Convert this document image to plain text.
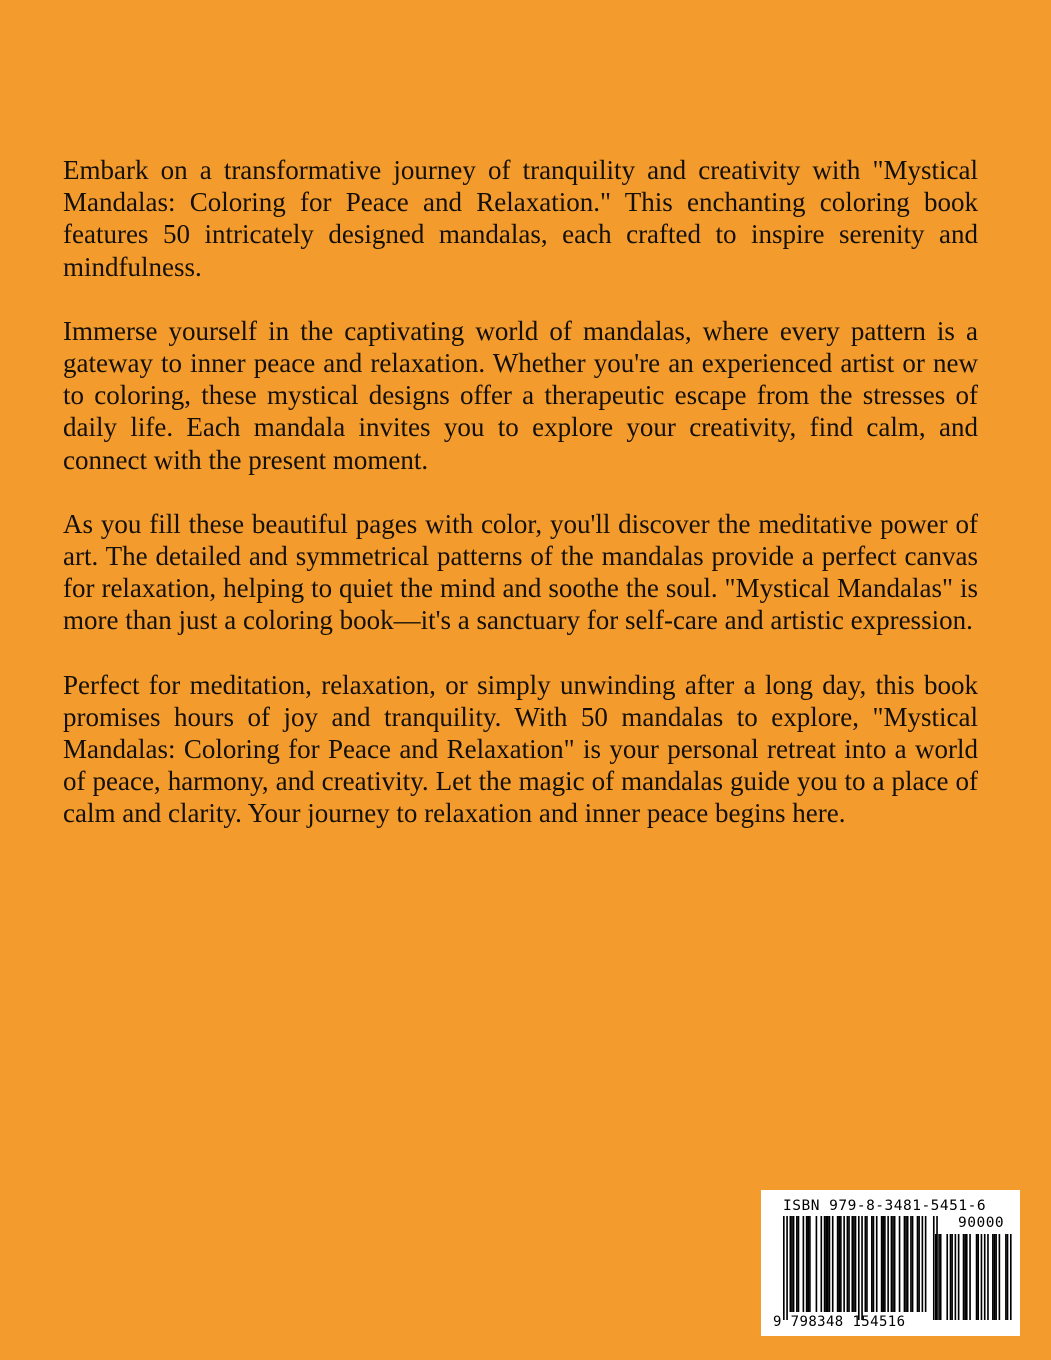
Embark on a transformative journey of tranquility and creativity with "Mystical Mandalas: Coloring for Peace and Relaxation." This enchanting coloring book features 50 intricately designed mandalas, each crafted to inspire serenity and mindfulness.

Immerse yourself in the captivating world of mandalas, where every pattern is a gateway to inner peace and relaxation. Whether you're an experienced artist or new to coloring, these mystical designs offer a therapeutic escape from the stresses of daily life. Each mandala invites you to explore your creativity, find calm, and connect with the present moment.

As you fill these beautiful pages with color, you'll discover the meditative power of art. The detailed and symmetrical patterns of the mandalas provide a perfect canvas for relaxation, helping to quiet the mind and soothe the soul. "Mystical Mandalas" is more than just a coloring book—it's a sanctuary for self-care and artistic expression.

Perfect for meditation, relaxation, or simply unwinding after a long day, this book promises hours of joy and tranquility. With 50 mandalas to explore, "Mystical Mandalas: Coloring for Peace and Relaxation" is your personal retreat into a world of peace, harmony, and creativity. Let the magic of mandalas guide you to a place of calm and clarity. Your journey to relaxation and inner peace begins here.

ISBN 979-8-3481-5451-6
90000
9 798348 154516
